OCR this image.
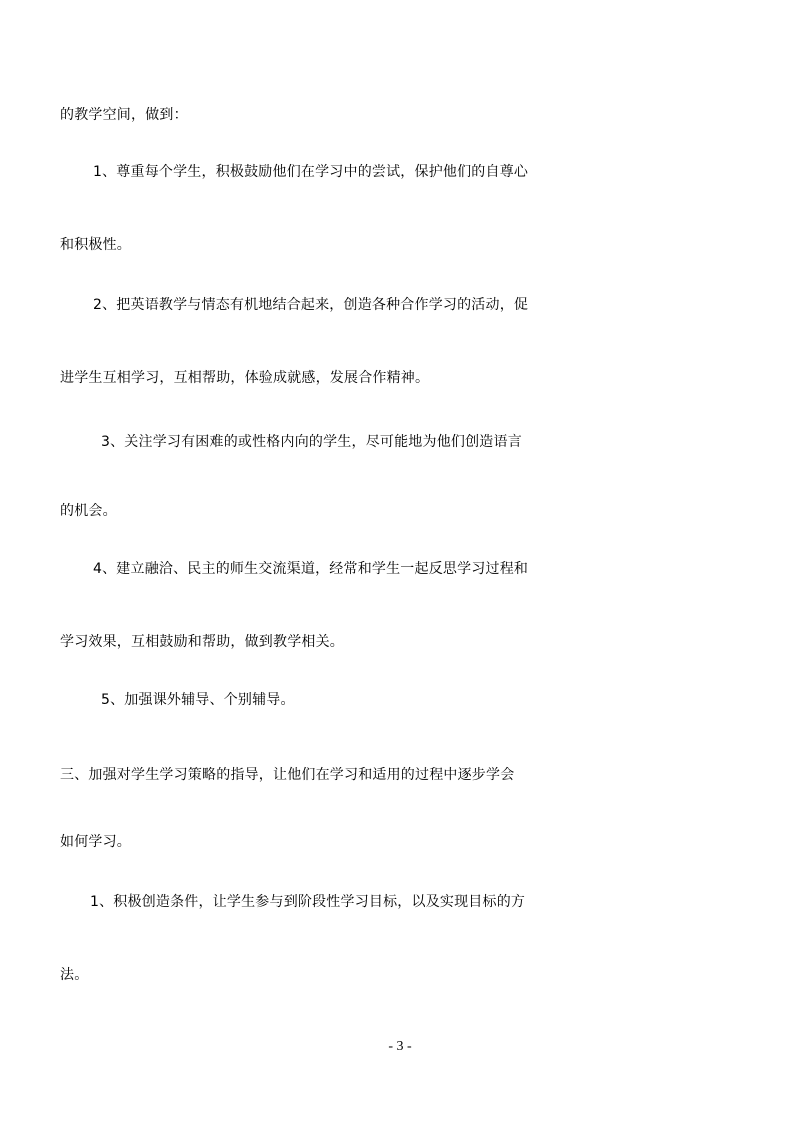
的教学空间，做到：
1、尊重每个学生，积极鼓励他们在学习中的尝试，保护他们的自尊心
和积极性。
2、把英语教学与情态有机地结合起来，创造各种合作学习的活动，促
进学生互相学习，互相帮助，体验成就感，发展合作精神。
3、关注学习有困难的或性格内向的学生，尽可能地为他们创造语言
的机会。
4、建立融洽、民主的师生交流渠道，经常和学生一起反思学习过程和
学习效果，互相鼓励和帮助，做到教学相关。
5、加强课外辅导、个别辅导。
三、加强对学生学习策略的指导，让他们在学习和适用的过程中逐步学会
如何学习。
1、积极创造条件，让学生参与到阶段性学习目标，以及实现目标的方
法。
- 3 -
